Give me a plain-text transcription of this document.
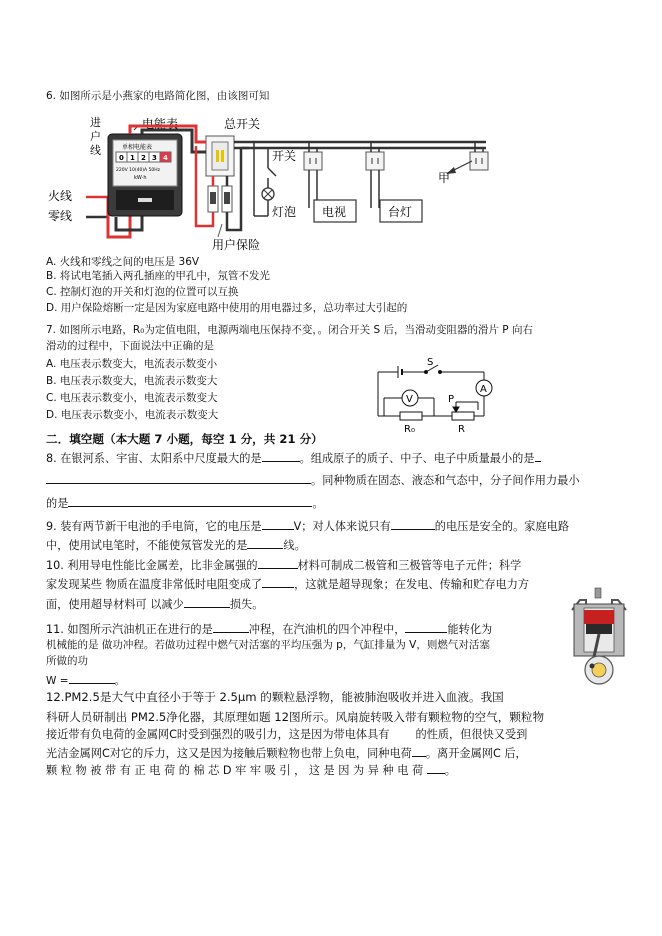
6. 如图所示是小燕家的电路简化图，由该图可知
进
户
线
火线
零线
单相电能表
0 1 2 3 4
220V 10(40)A 50Hz
kW·h
电能表	总开关
用户保险
开关
灯泡 电视	台灯
甲
A. 火线和零线之间的电压是 36V
B. 将试电笔插入两孔插座的甲孔中，氖管不发光
C. 控制灯泡的开关和灯泡的位置可以互换
D. 用户保险熔断一定是因为家庭电路中使用的用电器过多，总功率过大引起的
7. 如图所示电路，R₀为定值电阻，电源两端电压保持不变，。闭合开关 S 后，当滑动变阻器的滑片 P 向右
滑动的过程中，下面说法中正确的是
A. 电压表示数变大，电流表示数变小
B. 电压表示数变大，电流表示数变大
C. 电压表示数变小，电流表示数变大
D. 电压表示数变小，电流表示数变大
S
A
V	P
R₀	R
二．填空题（本大题 7 小题，每空 1 分，共 21 分）
8. 在银河系、宇宙、太阳系中尺度最大的是	。组成原子的质子、中子、电子中质量最小的是
。同种物质在固态、液态和气态中，分子间作用力最小
的是	。
9. 装有两节新干电池的手电筒，它的电压是	V；对人体来说只有	的电压是安全的。家庭电路
中，使用试电笔时，不能使氖管发光的是	线。
10. 利用导电性能比金属差，比非金属强的	材料可制成二极管和三极管等电子元件；科学
家发现某些 物质在温度非常低时电阻变成了	，这就是超导现象；在发电、传输和贮存电力方
面，使用超导材料可 以减少	损失。
11. 如图所示汽油机正在进行的是	冲程，在汽油机的四个冲程中，	能转化为
机械能的是 做功冲程。若做功过程中燃气对活塞的平均压强为 p，气缸排量为 V，则燃气对活塞
所做的功
W =	。
12.PM2.5是大气中直径小于等于 2.5μm 的颗粒悬浮物，能被肺泡吸收并进入血液。我国
科研人员研制出 PM2.5净化器，其原理如题 12图所示。风扇旋转吸入带有颗粒物的空气，颗粒物
接近带有负电荷的金属网C时受到强烈的吸引力，这是因为带电体具有 的性质，但很快又受到
光洁金属网C对它的斥力，这又是因为接触后颗粒物也带上负电，同种电荷 。离开金属网C 后，
颗 粒 物 被 带 有 正 电 荷 的 棉 芯 D 牢 牢 吸 引 ， 这 是 因 为 异 种 电 荷 。
